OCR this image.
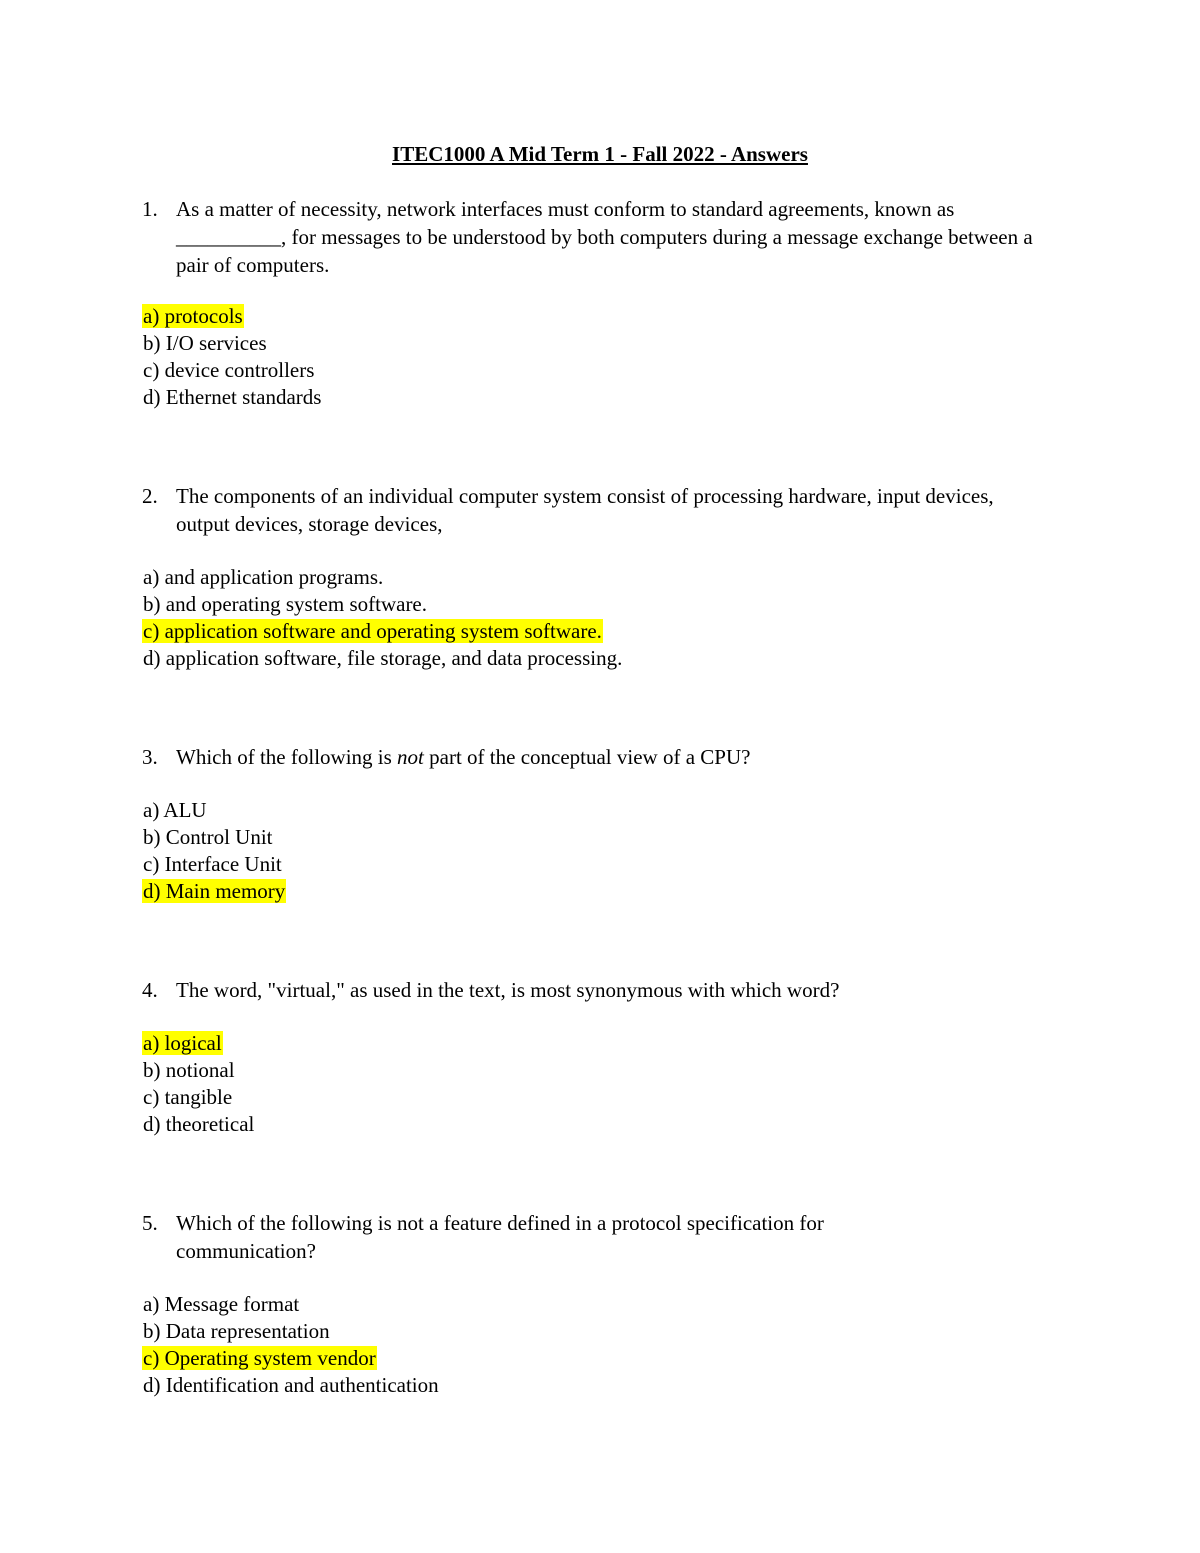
ITEC1000 A Mid Term 1 - Fall 2022 - Answers
1. As a matter of necessity, network interfaces must conform to standard agreements, known as __________, for messages to be understood by both computers during a message exchange between a pair of computers.
a) protocols
b) I/O services
c) device controllers
d) Ethernet standards
2. The components of an individual computer system consist of processing hardware, input devices, output devices, storage devices,
a) and application programs.
b) and operating system software.
c) application software and operating system software.
d) application software, file storage, and data processing.
3. Which of the following is not part of the conceptual view of a CPU?
a) ALU
b) Control Unit
c) Interface Unit
d) Main memory
4. The word, "virtual," as used in the text, is most synonymous with which word?
a) logical
b) notional
c) tangible
d) theoretical
5. Which of the following is not a feature defined in a protocol specification for communication?
a) Message format
b) Data representation
c) Operating system vendor
d) Identification and authentication
